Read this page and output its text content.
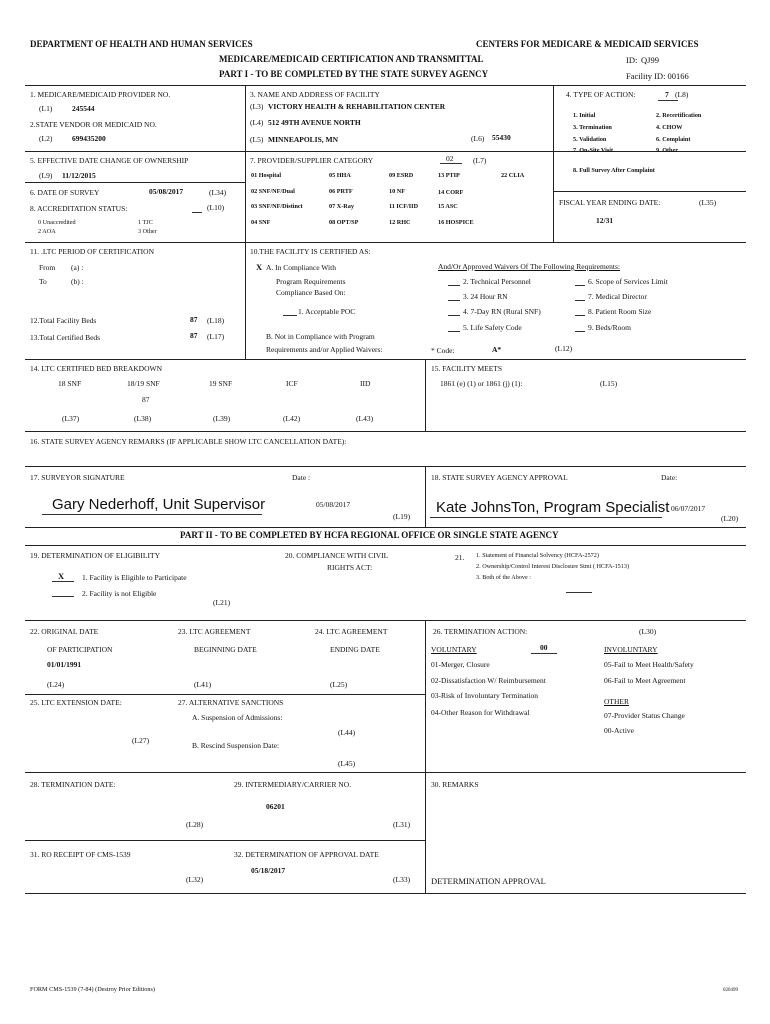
DEPARTMENT OF HEALTH AND HUMAN SERVICES	CENTERS FOR MEDICARE & MEDICAID SERVICES
MEDICARE/MEDICAID CERTIFICATION AND TRANSMITTAL	ID: QJ99
PART I - TO BE COMPLETED BY THE STATE SURVEY AGENCY	Facility ID: 00166
1. MEDICARE/MEDICAID PROVIDER NO.
(L1)	245544
2.STATE VENDOR OR MEDICAID NO.
(L2)	699435200
3. NAME AND ADDRESS OF FACILITY
(L3) VICTORY HEALTH & REHABILITATION CENTER
(L4) 512 49TH AVENUE NORTH
(L5) MINNEAPOLIS, MN	(L6) 55430
4. TYPE OF ACTION:	7 (L8)
1. Initial	2. Recertification
3. Termination	4. CHOW
5. Validation	6. Complaint
7. On-Site Visit	9. Other
8. Full Survey After Complaint
5. EFFECTIVE DATE CHANGE OF OWNERSHIP
(L9) 11/12/2015
6. DATE OF SURVEY	05/08/2017	(L34)
8. ACCREDITATION STATUS:	(L10)
0 Unaccredited	1 TJC
2 AOA	3 Other
7. PROVIDER/SUPPLIER CATEGORY	02	(L7)
01 Hospital	05 HHA	09 ESRD	13 PTIP	22 CLIA
02 SNF/NF/Dual	06 PRTF	10 NF	14 CORF
03 SNF/NF/Distinct	07 X-Ray	11 ICF/IID	15 ASC
04 SNF	08 OPT/SP	12 RHC	16 HOSPICE
FISCAL YEAR ENDING DATE:	(L35)
12/31
11. .LTC PERIOD OF CERTIFICATION
From (a) :
To	(b) :
12.Total Facility Beds	87 (L18)
13.Total Certified Beds	87 (L17)
10.THE FACILITY IS CERTIFIED AS:
X A. In Compliance With
Program Requirements
Compliance Based On:
1. Acceptable POC
B. Not in Compliance with Program
Requirements and/or Applied Waivers:
And/Or Approved Waivers Of The Following Requirements:
2. Technical Personnel	6. Scope of Services Limit
3. 24 Hour RN	7. Medical Director
4. 7-Day RN (Rural SNF)	8. Patient Room Size
5. Life Safety Code	9. Beds/Room
* Code:	A*	(L12)
14. LTC CERTIFIED BED BREAKDOWN
18 SNF	18/19 SNF	19 SNF	ICF	IID
87
(L37)	(L38)	(L39)	(L42)	(L43)
15. FACILITY MEETS
1861 (e) (1) or 1861 (j) (1):	(L15)
16. STATE SURVEY AGENCY REMARKS (IF APPLICABLE SHOW LTC CANCELLATION DATE):
17. SURVEYOR SIGNATURE	Date :
Gary Nederhoff, Unit Supervisor	05/08/2017
(L19)
18. STATE SURVEY AGENCY APPROVAL	Date:
Kate JohnsTon, Program Specialist 06/07/2017
(L20)
PART II - TO BE COMPLETED BY HCFA REGIONAL OFFICE OR SINGLE STATE AGENCY
19. DETERMINATION OF ELIGIBILITY
X 1. Facility is Eligible to Participate
2. Facility is not Eligible
(L21)
20. COMPLIANCE WITH CIVIL
RIGHTS ACT:
21. 1. Statement of Financial Solvency (HCFA-2572)
2. Ownership/Control Interest Disclosure Stmt ( HCFA-1513)
3. Both of the Above :
22. ORIGINAL DATE
OF PARTICIPATION
01/01/1991
(L24)
23. LTC AGREEMENT
BEGINNING DATE
(L41)
24. LTC AGREEMENT
ENDING DATE
(L25)
25. LTC EXTENSION DATE:
(L27)
27. ALTERNATIVE SANCTIONS
A. Suspension of Admissions:
(L44)
B. Rescind Suspension Date:
(L45)
26. TERMINATION ACTION:	(L30)
VOLUNTARY	00	INVOLUNTARY
01-Merger, Closure
02-Dissatisfaction W/ Reimbursement
03-Risk of Involuntary Termination
04-Other Reason for Withdrawal
05-Fail to Meet Health/Safety
06-Fail to Meet Agreement
OTHER
07-Provider Status Change
00-Active
28. TERMINATION DATE:
(L28)
29. INTERMEDIARY/CARRIER NO.
06201
(L31)
30. REMARKS
31. RO RECEIPT OF CMS-1539
(L32)
32. DETERMINATION OF APPROVAL DATE
05/18/2017
(L33) DETERMINATION APPROVAL
FORM CMS-1539 (7-84) (Destroy Prior Editions)	020499
